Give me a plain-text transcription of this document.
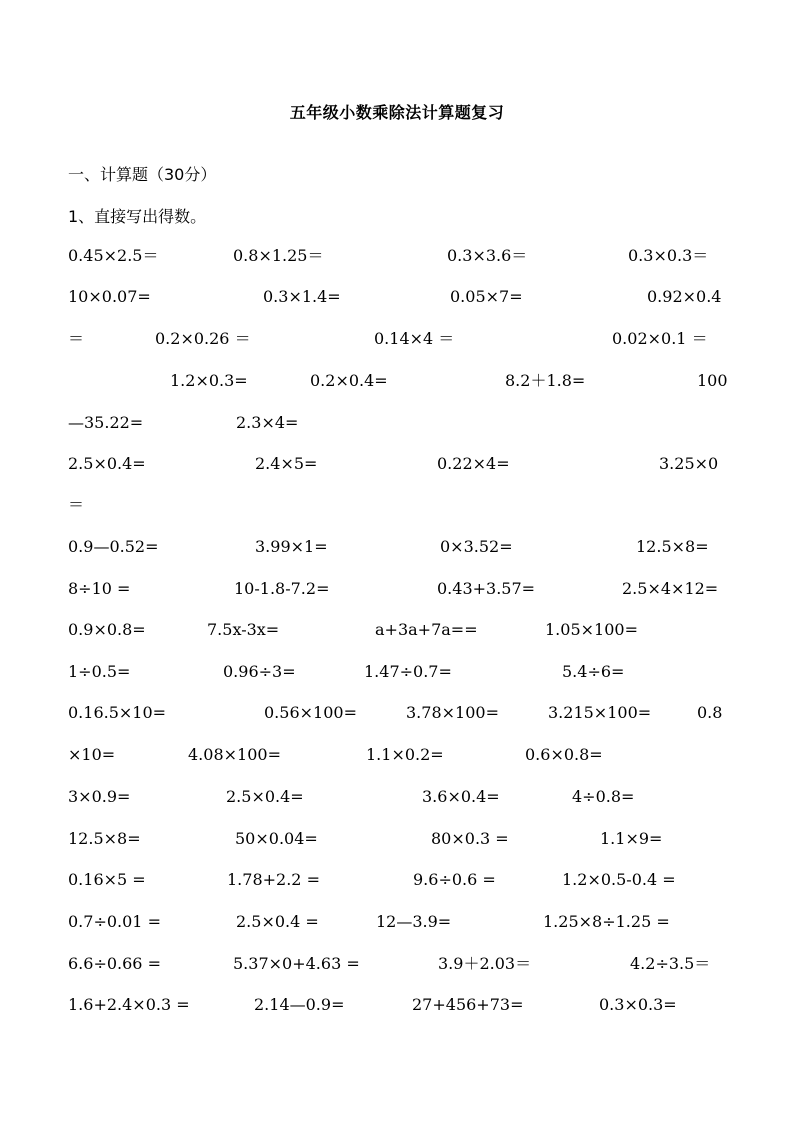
五年级小数乘除法计算题复习
一、计算题（30分）
1、直接写出得数。
0.45×2.5＝	0.8×1.25＝	0.3×3.6＝	0.3×0.3＝
10×0.07=	0.3×1.4=	0.05×7=	0.92×0.4
＝	0.2×0.26 ＝	0.14×4 ＝	0.02×0.1 ＝
1.2×0.3=	0.2×0.4=	8.2＋1.8=	100
—35.22=	2.3×4=
2.5×0.4=	2.4×5=	0.22×4=	3.25×0
＝
0.9—0.52=	3.99×1=	0×3.52=	12.5×8=
8÷10 =	10-1.8-7.2=	0.43+3.57=	2.5×4×12=
0.9×0.8=	7.5x-3x=	a+3a+7a==	1.05×100=
1÷0.5=	0.96÷3=	1.47÷0.7=	5.4÷6=
0.16.5×10=	0.56×100=	3.78×100=	3.215×100=	0.8
×10=	4.08×100=	1.1×0.2=	0.6×0.8=
3×0.9=	2.5×0.4=	3.6×0.4=	4÷0.8=
12.5×8=	50×0.04=	80×0.3 =	1.1×9=
0.16×5 =	1.78+2.2 =	9.6÷0.6 =	1.2×0.5-0.4 =
0.7÷0.01 =	2.5×0.4 =	12—3.9=	1.25×8÷1.25 =
6.6÷0.66 =	5.37×0+4.63 =	3.9＋2.03＝	4.2÷3.5＝
1.6+2.4×0.3 =	2.14—0.9=	27+456+73=	0.3×0.3=
